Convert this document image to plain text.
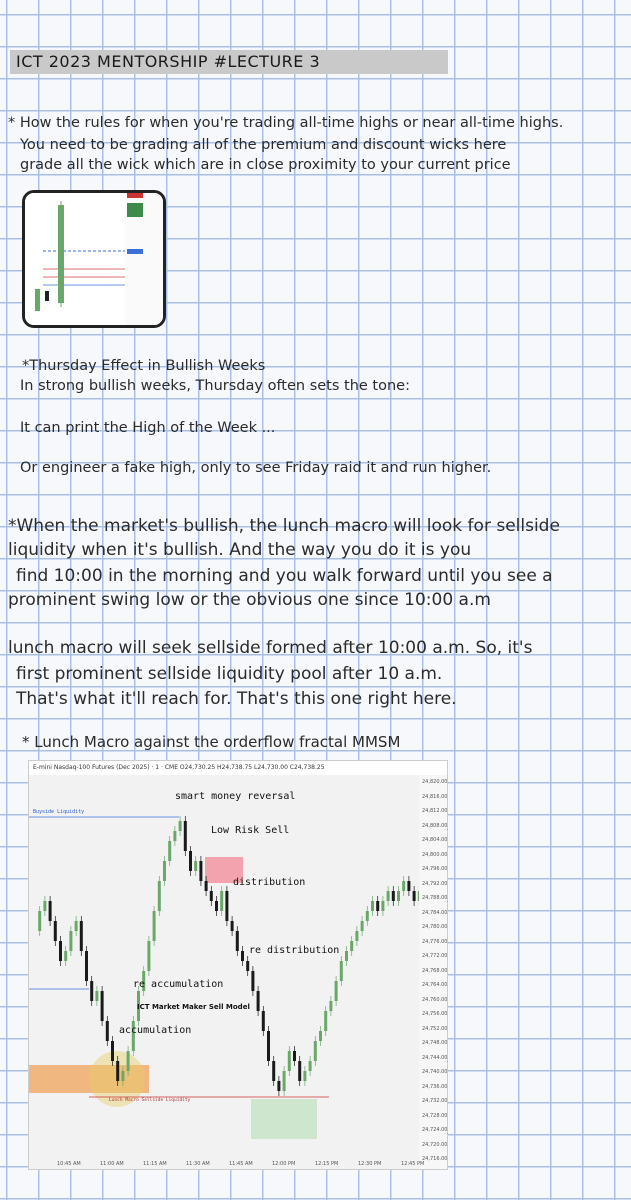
ICT 2023 MENTORSHIP #LECTURE 3
* How the rules for when you're trading all-time highs or near all-time highs.
You need to be grading all of the premium and discount wicks here
grade all the wick which are in close proximity to your current price
*Thursday Effect in Bullish Weeks
In strong bullish weeks, Thursday often sets the tone:
It can print the High of the Week ...
Or engineer a fake high, only to see Friday raid it and run higher.
*When the market's bullish, the lunch macro will look for sellside
liquidity when it's bullish. And the way you do it is you
find 10:00 in the morning and you walk forward until you see a
prominent swing low or the obvious one since 10:00 a.m
lunch macro will seek sellside formed after 10:00 a.m. So, it's
first prominent sellside liquidity pool after 10 a.m.
That's what it'll reach for. That's this one right here.
* Lunch Macro against the orderflow fractal MMSM
E-mini Nasdaq-100 Futures (Dec 2025) · 1 · CME O24,730.25 H24,738.75 L24,730.00 C24,738.25
Buyside Liquidity
smart money reversal
Low Risk Sell
distribution
re distribution
re accumulation
ICT Market Maker Sell Model
accumulation
Lunch Macro Sellside Liquidity
24,820.00
24,816.00
24,812.00
24,808.00
24,804.00
24,800.00
24,796.00
24,792.00
24,788.00
24,784.00
24,780.00
24,776.00
24,772.00
24,768.00
24,764.00
24,760.00
24,756.00
24,752.00
24,748.00
24,744.00
24,740.00
24,736.00
24,732.00
24,728.00
24,724.00
24,720.00
24,716.00
10:45 AM	11:00 AM	11:15 AM	11:30 AM	11:45 AM	12:00 PM	12:15 PM	12:30 PM	12:45 PM
